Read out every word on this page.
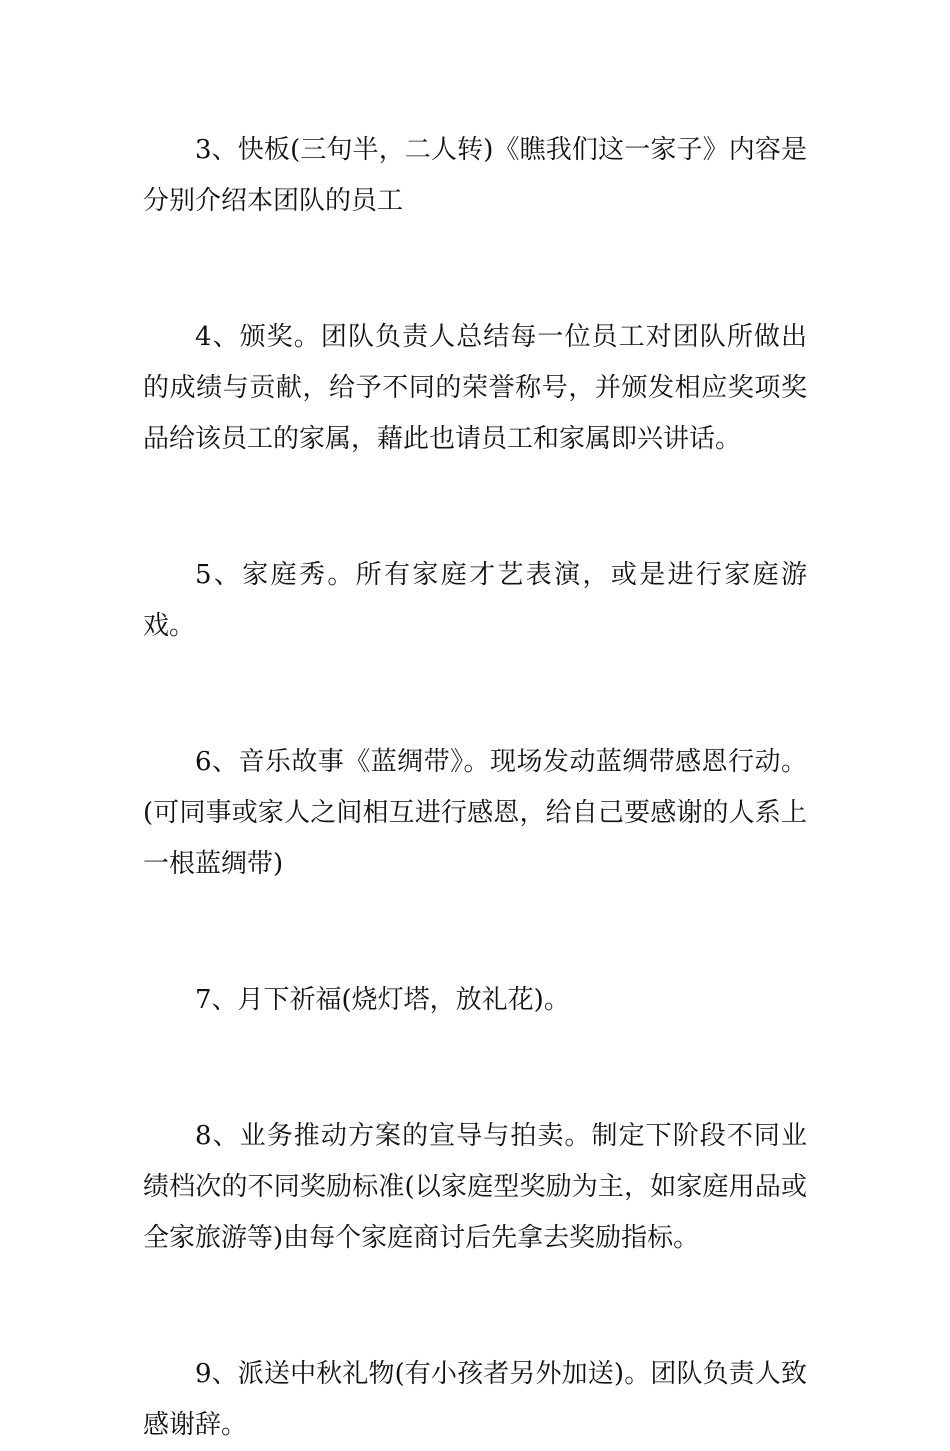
3、快板(三句半，二人转)《瞧我们这一家子》内容是分别介绍本团队的员工

4、颁奖。团队负责人总结每一位员工对团队所做出的成绩与贡献，给予不同的荣誉称号，并颁发相应奖项奖品给该员工的家属，藉此也请员工和家属即兴讲话。

5、家庭秀。所有家庭才艺表演，或是进行家庭游戏。

6、音乐故事《蓝绸带》。现场发动蓝绸带感恩行动。(可同事或家人之间相互进行感恩，给自己要感谢的人系上一根蓝绸带)

7、月下祈福(烧灯塔，放礼花)。

8、业务推动方案的宣导与拍卖。制定下阶段不同业绩档次的不同奖励标准(以家庭型奖励为主，如家庭用品或全家旅游等)由每个家庭商讨后先拿去奖励指标。

9、派送中秋礼物(有小孩者另外加送)。团队负责人致感谢辞。
